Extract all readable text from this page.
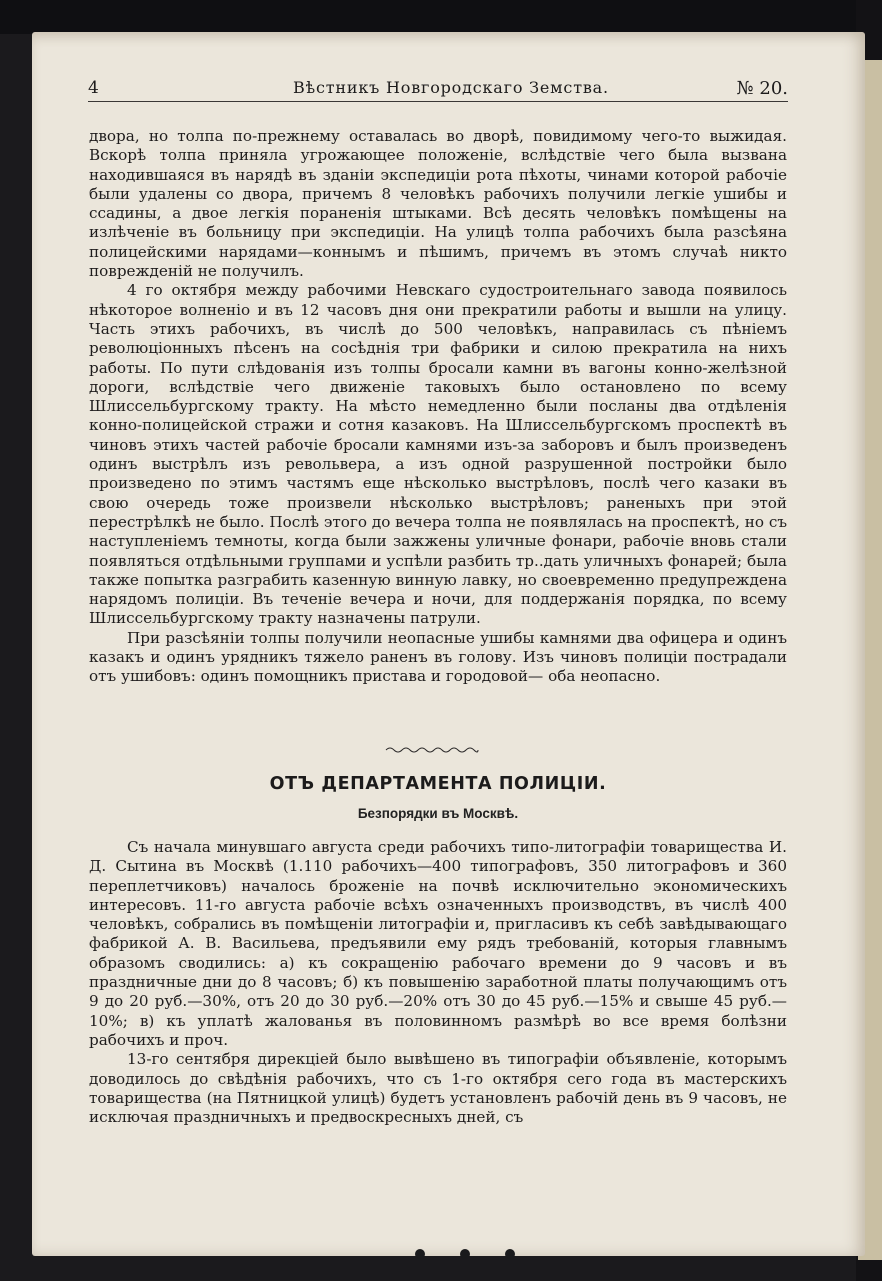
4	Вѣстникъ Новгородскаго Земства.	№ 20.

двора, но толпа по-прежнему оставалась во дворѣ, повидимому чего-то выжидая. Вскорѣ толпа приняла угрожающее положеніе, вслѣдствіе чего была вызвана находившаяся въ нарядѣ въ зданіи экспедиціи рота пѣхоты, чинами которой рабочіе были удалены со двора, причемъ 8 человѣкъ рабочихъ получили легкіе ушибы и ссадины, а двое легкія пораненія штыками. Всѣ десять человѣкъ помѣщены на излѣченіе въ больницу при экспедиціи. На улицѣ толпа рабочихъ была разсѣяна полицейскими нарядами—коннымъ и пѣшимъ, причемъ въ этомъ случаѣ никто поврежденій не получилъ.

4 го октября между рабочими Невскаго судостроительнаго завода появилось нѣкоторое волненіо и въ 12 часовъ дня они прекратили работы и вышли на улицу. Часть этихъ рабочихъ, въ числѣ до 500 человѣкъ, направилась съ пѣніемъ революціонныхъ пѣсенъ на сосѣднія три фабрики и силою прекратила на нихъ работы. По пути слѣдованія изъ толпы бросали камни въ вагоны конно-желѣзной дороги, вслѣдствіе чего движеніе таковыхъ было остановлено по всему Шлиссельбургскому тракту. На мѣсто немедленно были посланы два отдѣленія конно-полицейской стражи и сотня казаковъ. На Шлиссельбургскомъ проспектѣ въ чиновъ этихъ частей рабочіе бросали камнями изъ-за заборовъ и былъ произведенъ одинъ выстрѣлъ изъ револьвера, а изъ одной разрушенной постройки было произведено по этимъ частямъ еще нѣсколько выстрѣловъ, послѣ чего казаки въ свою очередь тоже произвели нѣсколько выстрѣловъ; раненыхъ при этой перестрѣлкѣ не было. Послѣ этого до вечера толпа не появлялась на проспектѣ, но съ наступленіемъ темноты, когда были зажжены уличные фонари, рабочіе вновь стали появляться отдѣльными группами и успѣли разбить тр..дать уличныхъ фонарей; была также попытка разграбить казенную винную лавку, но своевременно предупреждена нарядомъ полиціи. Въ теченіе вечера и ночи, для поддержанія порядка, по всему Шлиссельбургскому тракту назначены патрули.

При разсѣяніи толпы получили неопасные ушибы камнями два офицера и одинъ казакъ и одинъ урядникъ тяжело раненъ въ голову. Изъ чиновъ полиціи пострадали отъ ушибовъ: одинъ помощникъ пристава и городовой— оба неопасно.

ОТЪ ДЕПАРТАМЕНТА ПОЛИЦІИ.
Безпорядки въ Москвѣ.

Съ начала минувшаго августа среди рабочихъ типо-литографіи товарищества И. Д. Сытина въ Москвѣ (1.110 рабочихъ—400 типографовъ, 350 литографовъ и 360 переплетчиковъ) началось броженіе на почвѣ исключительно экономическихъ интересовъ. 11-го августа рабочіе всѣхъ означенныхъ производствъ, въ числѣ 400 человѣкъ, собрались въ помѣщеніи литографіи и, пригласивъ къ себѣ завѣдывающаго фабрикой А. В. Васильева, предъявили ему рядъ требованій, которыя главнымъ образомъ сводились: а) къ сокращенію рабочаго времени до 9 часовъ и въ праздничные дни до 8 часовъ; б) къ повышенію заработной платы получающимъ отъ 9 до 20 руб.—30%, отъ 20 до 30 руб.—20% отъ 30 до 45 руб.—15% и свыше 45 руб.—10%; в) къ уплатѣ жалованья въ половинномъ размѣрѣ во все время болѣзни рабочихъ и проч.

13-го сентября дирекціей было вывѣшено въ типографіи объявленіе, которымъ доводилось до свѣдѣнія рабочихъ, что съ 1-го октября сего года въ мастерскихъ товарищества (на Пятницкой улицѣ) будетъ установленъ рабочій день въ 9 часовъ, не исключая праздничныхъ и предвоскресныхъ дней, съ
